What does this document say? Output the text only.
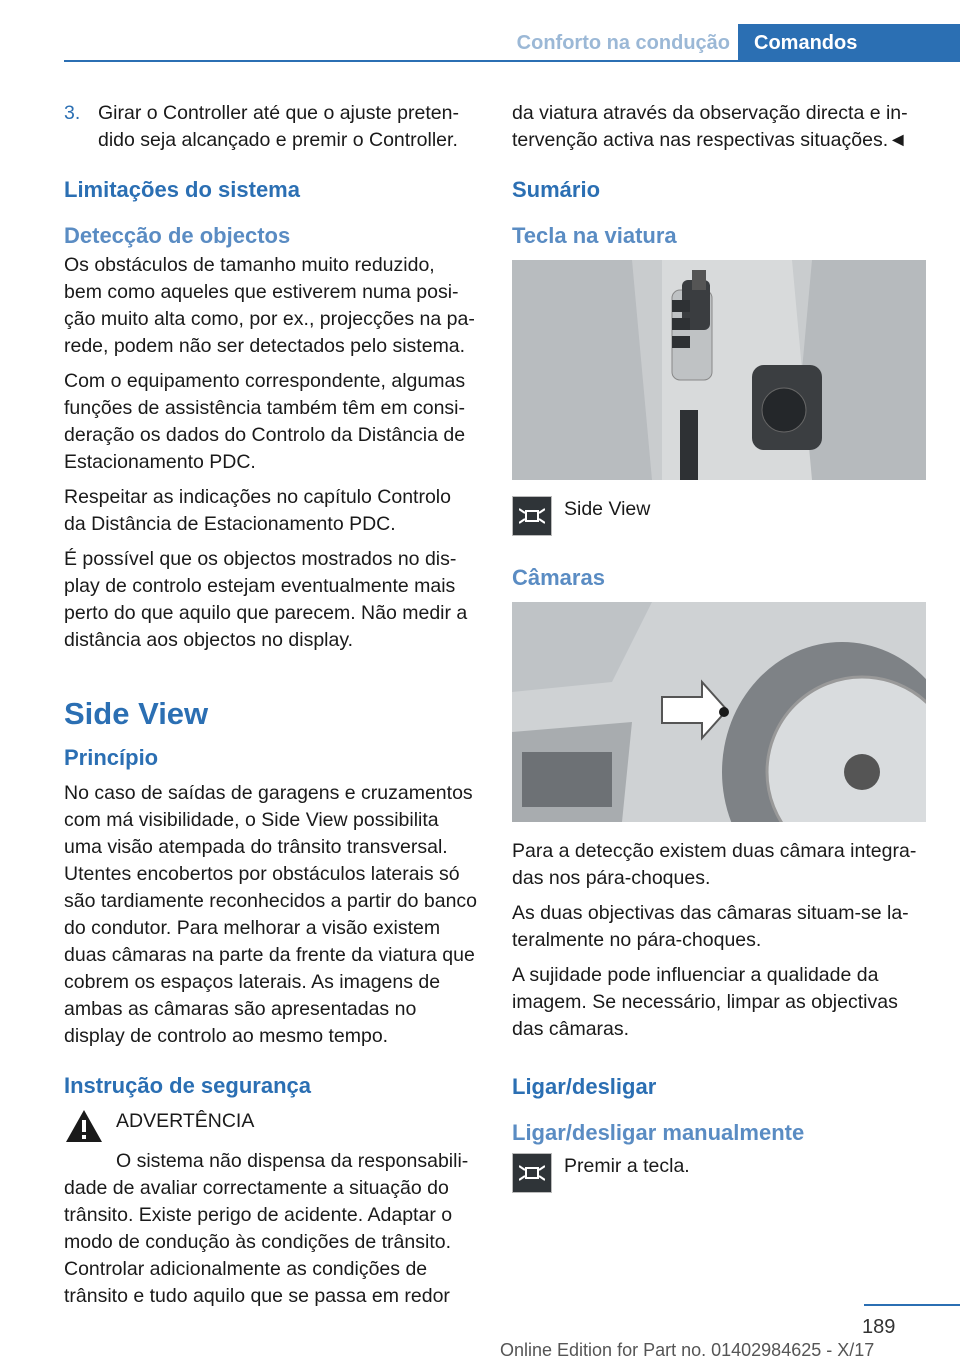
Conforto na condução	Comandos
3. Girar o Controller até que o ajuste pretendido seja alcançado e premir o Controller.
Limitações do sistema
Detecção de objectos

Os obstáculos de tamanho muito reduzido, bem como aqueles que estiverem numa posição muito alta como, por ex., projecções na parede, podem não ser detectados pelo sistema.

Com o equipamento correspondente, algumas funções de assistência também têm em consideração os dados do Controlo da Distância de Estacionamento PDC.

Respeitar as indicações no capítulo Controlo da Distância de Estacionamento PDC.

É possível que os objectos mostrados no display de controlo estejam eventualmente mais perto do que aquilo que parecem. Não medir a distância aos objectos no display.

Side View
Princípio

No caso de saídas de garagens e cruzamentos com má visibilidade, o Side View possibilita uma visão atempada do trânsito transversal. Utentes encobertos por obstáculos laterais só são tardiamente reconhecidos a partir do banco do condutor. Para melhorar a visão existem duas câmaras na parte da frente da viatura que cobrem os espaços laterais. As imagens de ambas as câmaras são apresentadas no display de controlo ao mesmo tempo.

Instrução de segurança
ADVERTÊNCIA

O sistema não dispensa da responsabilidade de avaliar correctamente a situação do trânsito. Existe perigo de acidente. Adaptar o modo de condução às condições de trânsito. Controlar adicionalmente as condições de trânsito e tudo aquilo que se passa em redor

da viatura através da observação directa e intervenção activa nas respectivas situações.◄

Sumário
Tecla na viatura
Side View
Câmaras

Para a detecção existem duas câmara integradas nos pára-choques.

As duas objectivas das câmaras situam-se lateralmente no pára-choques.

A sujidade pode influenciar a qualidade da imagem. Se necessário, limpar as objectivas das câmaras.

Ligar/desligar
Ligar/desligar manualmente
Premir a tecla.
189
Online Edition for Part no. 01402984625 - X/17
